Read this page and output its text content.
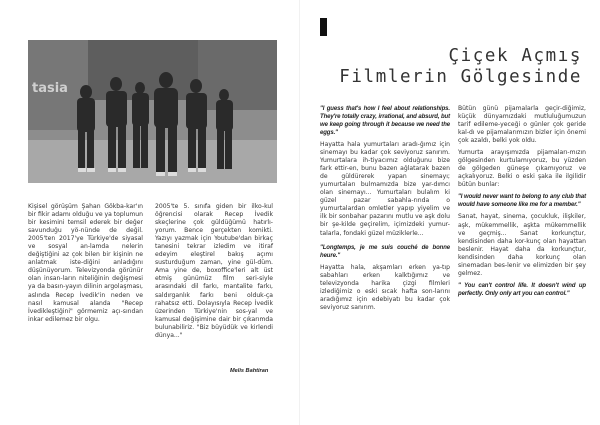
tasia

Kişisel görüşüm Şahan Gökba-kar'ın bir fikir adamı olduğu ve ya toplumun bir kesimini temsil ederek bir değer savunduğu yö-nünde de değil. 2005'ten 2017'ye Türkiye'de siyasal ve sosyal an-lamda nelerin değiştiğini az çok bilen bir kişinin ne anlatmak iste-diğini anladığını düşünüyorum. Televizyonda görünür olan insan-ların niteliğinin değişmesi ya da basın-yayın dilinin argolaşması, aslında Recep İvedik'in neden ve nasıl kamusal alanda "Recep İvedikleştiğini" görmemiz açı-sından inkar edilemez bir olgu.

2005'te 5. sınıfa giden bir ilko-kul öğrencisi olarak Recep İvedik skeçlerine çok güldüğümü hatırlı-yorum. Bence gerçekten komikti. Yazıyı yazmak için Youtube'dan birkaç tanesini tekrar izledim ve itiraf edeyim eleştirel bakış açımı susturduğum zaman, yine gül-düm. Ama yine de, boxoffice'leri alt üst etmiş günümüz film seri-siyle arasındaki dil farkı, mantalite farkı, saldırganlık farkı beni olduk-ça rahatsız etti. Dolayısıyla Recep İvedik üzerinden Türkiye'nin sos-yal ve kamusal değişimine dair bir çıkarımda bulunabiliriz. "Biz büyüdük ve kirlendi dünya..."

Melis Bahtiran
Çiçek Açmış
Filmlerin Gölgesinde

"I guess that's how I feel about relationships. They're totally crazy, irrational, and absurd, but we keep going through it because we need the eggs."

Hayatta hala yumurtaları aradı-ğımız için sinemayı bu kadar çok seviyoruz sanırım. Yumurtalara ih-tiyacımız olduğunu bize fark ettir-en, bunu bazen ağlatarak bazen de güldürerek yapan sinemayı; yumurtaları bulmamızda bize yar-dımcı olan sinemayı... Yumurtaları bulalım ki güzel pazar sabahla-rında o yumurtalardan omletler yapıp yiyelim ve ilk bir sonbahar pazarını mutlu ve aşk dolu bir şe-kilde geçirelim, içimizdeki yumur-talarla, fondaki güzel müziklerle...

"Longtemps, je me suis couché de bonne heure."

Hayatta hala, akşamları erken ya-tıp sabahları erken kalktığımız ve televizyonda harika çizgi filmleri izlediğimiz o eski sıcak hafta son-larını aradığımız için edebiyatı bu kadar çok seviyoruz sanırım.

Bütün günü pijamalarla geçir-diğimiz, küçük dünyamızdaki mutluluğumuzun tarif edileme-yeceği o günler çok geride kal-dı ve pijamalarımızın bizler için önemi çok azaldı, belki yok oldu.

Yumurta arayışımızda pijamaları-mızın gölgesinden kurtulamıyoruz, bu yüzden de gölgeden güneşe çıkamıyoruz ve açkalıyoruz. Belki o eski şaka ile ilgilidir bütün bunlar:

"I would never want to belong to any club that would have someone like me for a member."

Sanat, hayat, sinema, çocukluk, ilişkiler, aşk, mükemmellik, aşkta mükemmellik ve geçmiş... Sanat korkunçtur, kendisinden daha kor-kunç olan hayattan beslenir. Hayat daha da korkunçtur, kendisinden daha korkunç olan sinemadan bes-lenir ve elimizden bir şey gelmez.

" You can't control life. It doesn't wind up perfectly. Only only art you can control."
